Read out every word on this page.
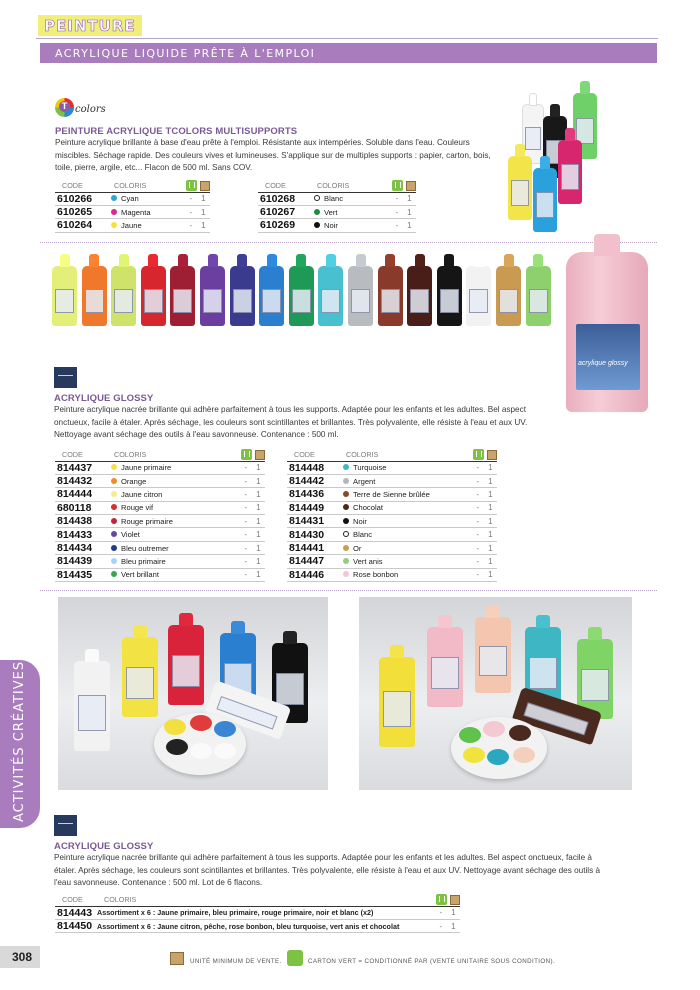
PEINTURE
ACRYLIQUE LIQUIDE PRÊTE À L'EMPLOI
T colors
PEINTURE ACRYLIQUE TCOLORS MULTISUPPORTS
Peinture acrylique brillante à base d'eau prête à l'emploi. Résistante aux intempéries. Soluble dans l'eau. Couleurs
miscibles. Séchage rapide. Des couleurs vives et lumineuses. S'applique sur de multiples supports : papier, carton, bois,
toile, pierre, argile, etc... Flacon de 500 ml. Sans COV.
CODE	COLORIS		
610266		Cyan	- 1
610265		Magenta	- 1
610264		Jaune	- 1
CODE	COLORIS		
610268		Blanc	- 1
610267		Vert	- 1
610269		Noir	- 1
acrylique glossy
ACRYLIQUE GLOSSY
Peinture acrylique nacrée brillante qui adhère parfaitement à tous les supports. Adaptée pour les enfants et les adultes. Bel aspect
onctueux, facile à étaler. Après séchage, les couleurs sont scintillantes et brillantes. Très polyvalente, elle résiste à l'eau et aux UV.
Nettoyage avant séchage des outils à l'eau savonneuse. Contenance : 500 ml.
CODE	COLORIS		
814437		Jaune primaire	- 1
814432		Orange	- 1
814444		Jaune citron	- 1
680118		Rouge vif	- 1
814438		Rouge primaire	- 1
814433		Violet	- 1
814434		Bleu outremer	- 1
814439		Bleu primaire	- 1
814435		Vert brillant	- 1
CODE	COLORIS		
814448		Turquoise	- 1
814442		Argent	- 1
814436		Terre de Sienne brûlée	- 1
814449		Chocolat	- 1
814431		Noir	- 1
814430		Blanc	- 1
814441		Or	- 1
814447		Vert anis	- 1
814446		Rose bonbon	- 1
ACRYLIQUE GLOSSY
Peinture acrylique nacrée brillante qui adhère parfaitement à tous les supports. Adaptée pour les enfants et les adultes. Bel aspect onctueux, facile à
étaler. Après séchage, les couleurs sont scintillantes et brillantes. Très polyvalente, elle résiste à l'eau et aux UV. Nettoyage avant séchage des outils à
l'eau savonneuse. Contenance : 500 ml. Lot de 6 flacons.
CODE	COLORIS	
814443	Assortiment x 6 : Jaune primaire, bleu primaire, rouge primaire, noir et blanc (x2)	- 1
814450	Assortiment x 6 : Jaune citron, pêche, rose bonbon, bleu turquoise, vert anis et chocolat	- 1
ACTIVITÉS CRÉATIVES
308	UNITÉ MINIMUM DE VENTE.	CARTON VERT = CONDITIONNÉ PAR (VENTE UNITAIRE SOUS CONDITION).
